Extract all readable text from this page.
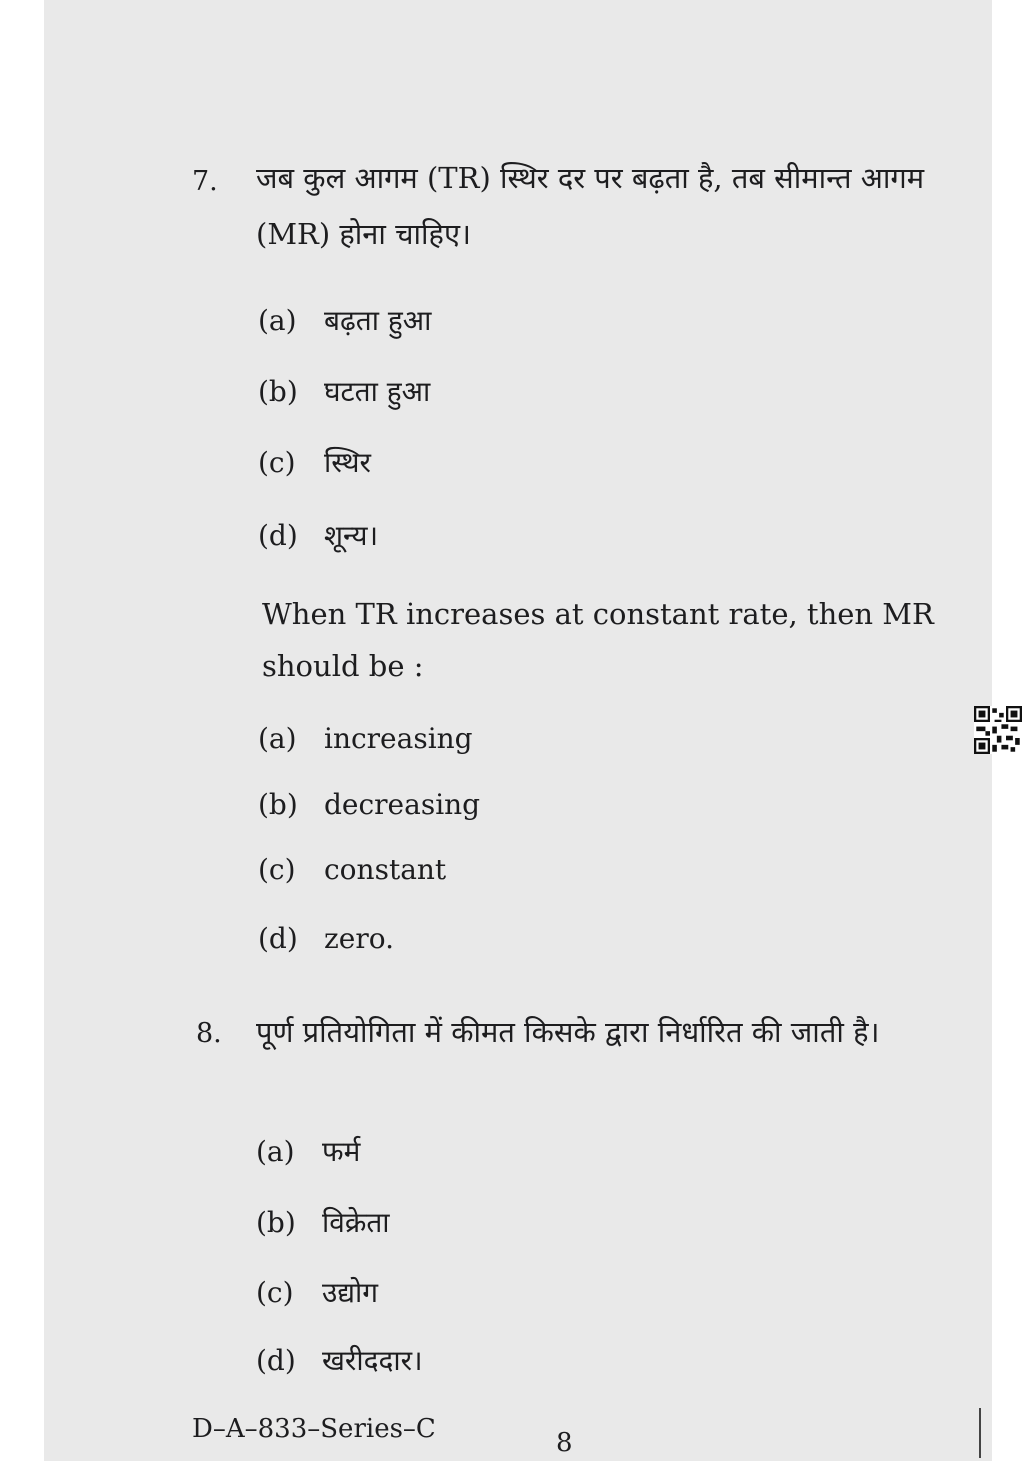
7. जब कुल आगम (TR) स्थिर दर पर बढ़ता है, तब सीमान्त आगम (MR) होना चाहिए।
(a) बढ़ता हुआ
(b) घटता हुआ
(c) स्थिर
(d) शून्य।
When TR increases at constant rate, then MR should be :
(a) increasing
(b) decreasing
(c) constant
(d) zero.
8. पूर्ण प्रतियोगिता में कीमत किसके द्वारा निर्धारित की जाती है।
(a) फर्म
(b) विक्रेता
(c) उद्योग
(d) खरीददार।
D–A–833–Series–C	8
